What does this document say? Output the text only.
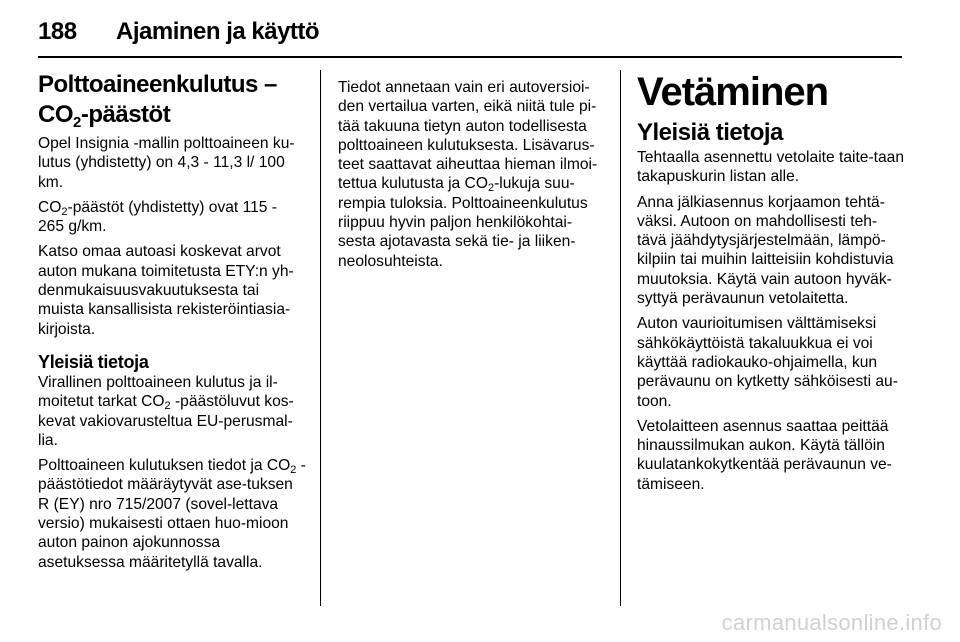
188 Ajaminen ja käyttö
Polttoaineenkulutus –
$CO_2$-päästöt

Opel Insignia -mallin polttoaineen ku-lutus (yhdistetty) on 4,3 - 11,3 l/ 100 km.

$CO_2$-päästöt (yhdistetty) ovat 115 - 265 g/km.

Katso omaa autoasi koskevat arvot auton mukana toimitetusta ETY:n yh-denmukaisuusvakuutuksesta tai muista kansallisista rekisteröintiasia-kirjoista.

Yleisiä tietoja

Virallinen polttoaineen kulutus ja il-moitetut tarkat $CO_2$ -päästöluvut kos-kevat vakiovarusteltua EU-perusmal-lia.

Polttoaineen kulutuksen tiedot ja $CO_2$ -päästötiedot määräytyvät ase-tuksen R (EY) nro 715/2007 (sovel-lettava versio) mukaisesti ottaen huo-mioon auton painon ajokunnossa asetuksessa määritetyllä tavalla.

Tiedot annetaan vain eri autoversioi-den vertailua varten, eikä niitä tule pi-tää takuuna tietyn auton todellisesta polttoaineen kulutuksesta. Lisävarus-teet saattavat aiheuttaa hieman ilmoi-tettua kulutusta ja $CO_2$-lukuja suu-rempia tuloksia. Polttoaineenkulutus riippuu hyvin paljon henkilökohtai-sesta ajotavasta sekä tie- ja liiken-neolosuhteista.

Vetäminen
Yleisiä tietoja

Tehtaalla asennettu vetolaite taite-taan takapuskurin listan alle.

Anna jälkiasennus korjaamon tehtä-väksi. Autoon on mahdollisesti teh-tävä jäähdytysjärjestelmään, lämpö-kilpiin tai muihin laitteisiin kohdistuvia muutoksia. Käytä vain autoon hyväk-syttyä perävaunun vetolaitetta.

Auton vaurioitumisen välttämiseksi sähkökäyttöistä takaluukkua ei voi käyttää radiokauko-ohjaimella, kun perävaunu on kytketty sähköisesti au-toon.

Vetolaitteen asennus saattaa peittää hinaussilmukan aukon. Käytä tällöin kuulatankokytkentää perävaunun ve-tämiseen.

carmanualsonline.info
